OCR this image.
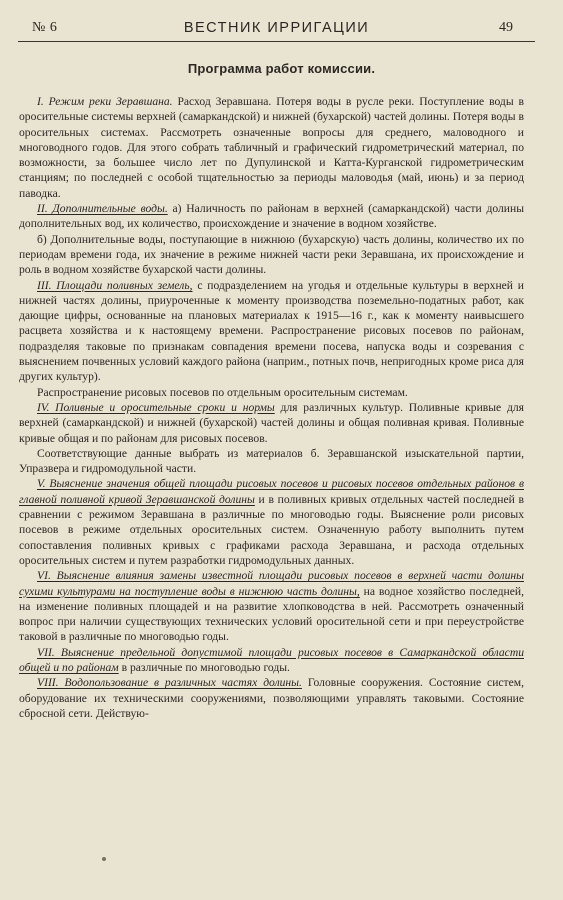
№ 6	ВЕСТНИК ИРРИГАЦИИ	49
Программа работ комиссии.

I. Режим реки Зеравшана. Расход Зеравшана. Потеря воды в русле реки. Поступление воды в оросительные системы верхней (самаркандской) и нижней (бухарской) частей долины. Потеря воды в оросительных системах. Рассмотреть означенные вопросы для среднего, маловодного и многоводного годов. Для этого собрать табличный и графический гидрометрический материал, по возможности, за большее число лет по Дупулинской и Катта-Курганской гидрометрическим станциям; по последней с особой тщательностью за периоды маловодья (май, июнь) и за период паводка.

II. Дополнительные воды. а) Наличность по районам в верхней (самаркандской) части долины дополнительных вод, их количество, происхождение и значение в водном хозяйстве.

б) Дополнительные воды, поступающие в нижнюю (бухарскую) часть долины, количество их по периодам времени года, их значение в режиме нижней части реки Зеравшана, их происхождение и роль в водном хозяйстве бухарской части долины.

III. Площади поливных земель, с подразделением на угодья и отдельные культуры в верхней и нижней частях долины, приуроченные к моменту производства поземельно-податных работ, как дающие цифры, основанные на плановых материалах к 1915—16 г., как к моменту наивысшего расцвета хозяйства и к настоящему времени. Распространение рисовых посевов по районам, подразделяя таковые по признакам совпадения времени посева, напуска воды и созревания с выяснением почвенных условий каждого района (наприм., потных почв, непригодных кроме риса для других культур).

Распространение рисовых посевов по отдельным оросительным системам.

IV. Поливные и оросительные сроки и нормы для различных культур. Поливные кривые для верхней (самаркандской) и нижней (бухарской) частей долины и общая поливная кривая. Поливные кривые общая и по районам для рисовых посевов.

Соответствующие данные выбрать из материалов б. Зеравшанской изыскательной партии, Упразвера и гидромодульной части.

V. Выяснение значения общей площади рисовых посевов и рисовых посевов отдельных районов в главной поливной кривой Зеравшанской долины и в поливных кривых отдельных частей последней в сравнении с режимом Зеравшана в различные по многоводью годы. Выяснение роли рисовых посевов в режиме отдельных оросительных систем. Означенную работу выполнить путем сопоставления поливных кривых с графиками расхода Зеравшана, и расхода отдельных оросительных систем и путем разработки гидромодульных данных.

VI. Выяснение влияния замены известной площади рисовых посевов в верхней части долины сухими культурами на поступление воды в нижнюю часть долины, на водное хозяйство последней, на изменение поливных площадей и на развитие хлопководства в ней. Рассмотреть означенный вопрос при наличии существующих технических условий оросительной сети и при переустройстве таковой в различные по многоводью годы.

VII. Выяснение предельной допустимой площади рисовых посевов в Самаркандской области общей и по районам в различные по многоводью годы.

VIII. Водопользование в различных частях долины. Головные сооружения. Состояние систем, оборудование их техническими сооружениями, позволяющими управлять таковыми. Состояние сбросной сети. Действую-
